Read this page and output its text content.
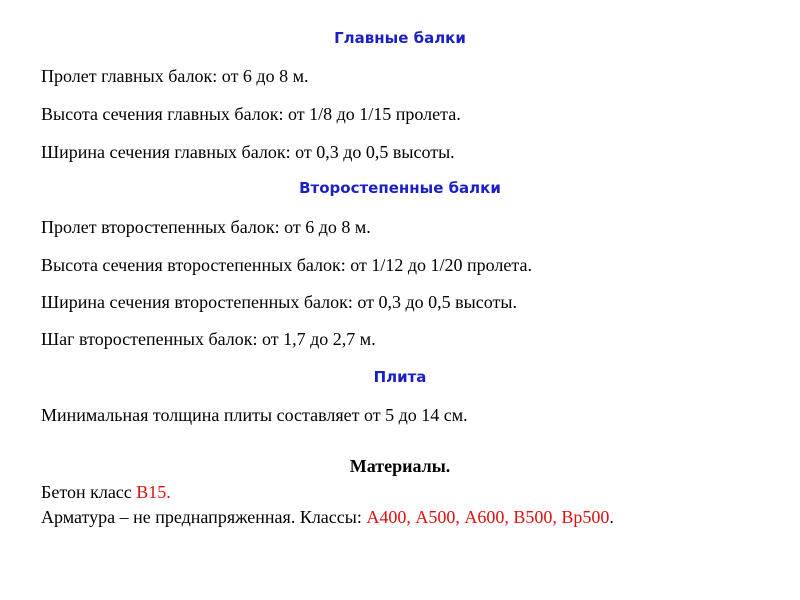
Главные балки
Пролет главных балок: от 6 до 8 м.
Высота сечения главных балок: от 1/8 до 1/15 пролета.
Ширина сечения главных балок: от 0,3 до 0,5 высоты.
Второстепенные балки
Пролет второстепенных балок: от 6 до 8 м.
Высота сечения второстепенных балок: от 1/12 до 1/20 пролета.
Ширина сечения второстепенных балок: от 0,3 до 0,5 высоты.
Шаг второстепенных балок: от 1,7 до 2,7 м.
Плита
Минимальная толщина плиты составляет от 5 до 14 см.
Материалы.
Бетон класс В15.
Арматура – не преднапряженная. Классы: А400, А500, А600, В500, Вр500.
